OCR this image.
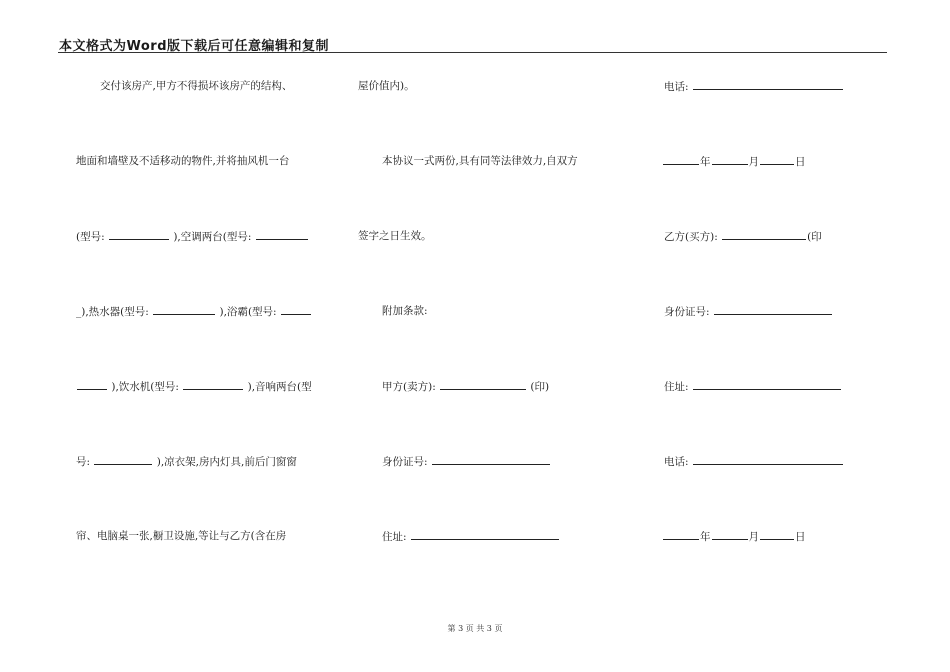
本文格式为Word版下载后可任意编辑和复制
交付该房产,甲方不得损坏该房产的结构、
地面和墙壁及不适移动的物件,并将抽风机一台
(型号:	),空调两台(型号:
_),热水器(型号:	),浴霸(型号:
),饮水机(型号:	),音响两台(型
号:	),凉衣架,房内灯具,前后门窗窗
帘、电脑桌一张,橱卫设施,等让与乙方(含在房
屋价值内)。
本协议一式两份,具有同等法律效力,自双方
签字之日生效。
附加条款:
甲方(卖方):	(印)
身份证号:
住址:
电话:
年	月	日
乙方(买方):	(印
身份证号:
住址:
电话:
年	月	日
第 3 页 共 3 页
